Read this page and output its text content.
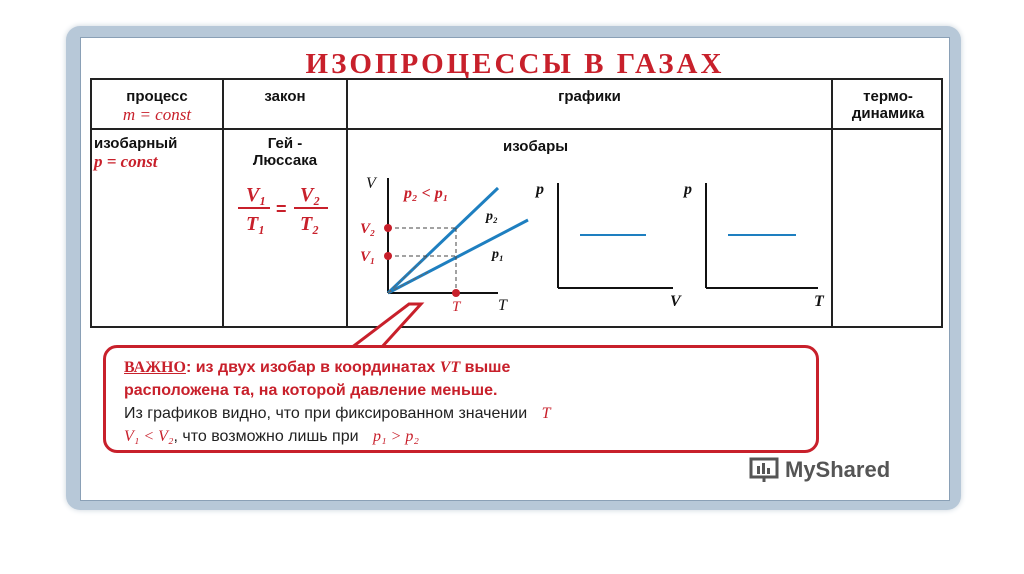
ИЗОПРОЦЕССЫ В ГАЗАХ
процесс
m = const
закон	графики	термо-
динамика
изобарный
p = const
Гей -
Люссака
V₁
T₁
=
V₂
T₂
изобары
V
T
p₂ < p₁
V₂
V₁
T
p₂
p₁
p
V
p
T

ВАЖНО: из двух изобар в координатах VT выше

расположена та, на которой давление меньше.

Из графиков видно, что при фиксированном значении T

V₁ < V₂, что возможно лишь при p₁ > p₂

MyShared
